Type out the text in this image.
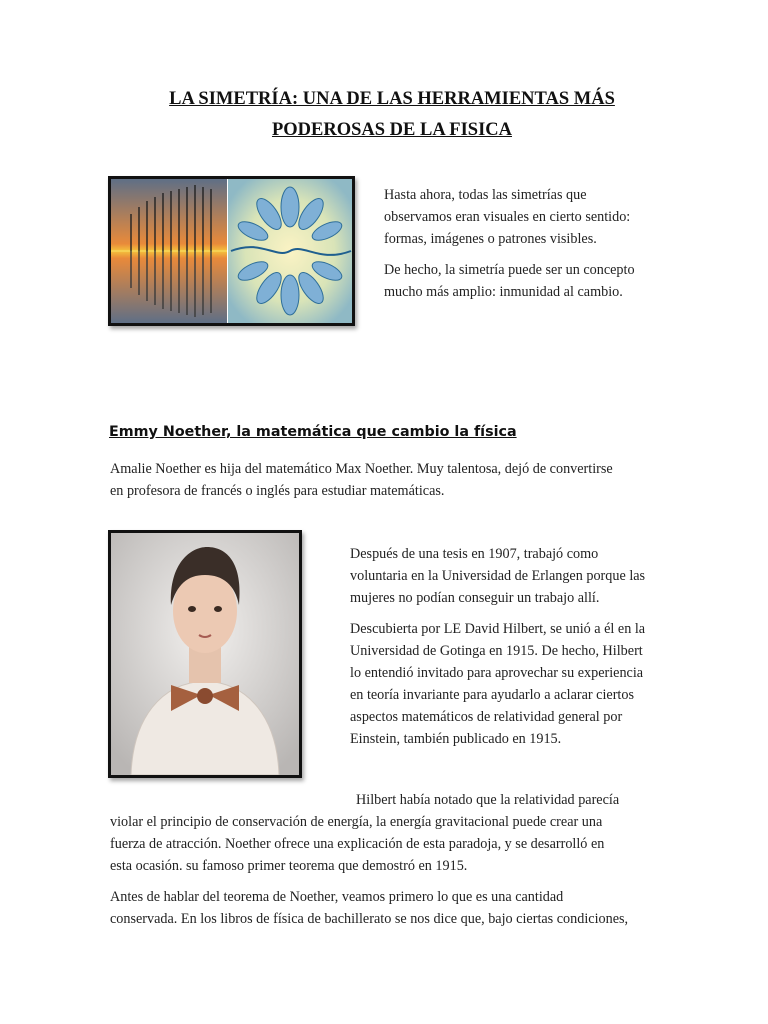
LA SIMETRÍA: UNA DE LAS HERRAMIENTAS MÁS
PODEROSAS DE LA FISICA

Hasta ahora, todas las simetrías que
observamos eran visuales en cierto sentido:
formas, imágenes o patrones visibles.

De hecho, la simetría puede ser un concepto
mucho más amplio: inmunidad al cambio.

Emmy Noether, la matemática que cambio la física

Amalie Noether es hija del matemático Max Noether. Muy talentosa, dejó de convertirse
en profesora de francés o inglés para estudiar matemáticas.

Después de una tesis en 1907, trabajó como
voluntaria en la Universidad de Erlangen porque las
mujeres no podían conseguir un trabajo allí.

Descubierta por LE David Hilbert, se unió a él en la
Universidad de Gotinga en 1915. De hecho, Hilbert
lo entendió invitado para aprovechar su experiencia
en teoría invariante para ayudarlo a aclarar ciertos
aspectos matemáticos de relatividad general por
Einstein, también publicado en 1915.

Hilbert había notado que la relatividad parecía
violar el principio de conservación de energía, la energía gravitacional puede crear una
fuerza de atracción. Noether ofrece una explicación de esta paradoja, y se desarrolló en
esta ocasión. su famoso primer teorema que demostró en 1915.

Antes de hablar del teorema de Noether, veamos primero lo que es una cantidad
conservada. En los libros de física de bachillerato se nos dice que, bajo ciertas condiciones,
